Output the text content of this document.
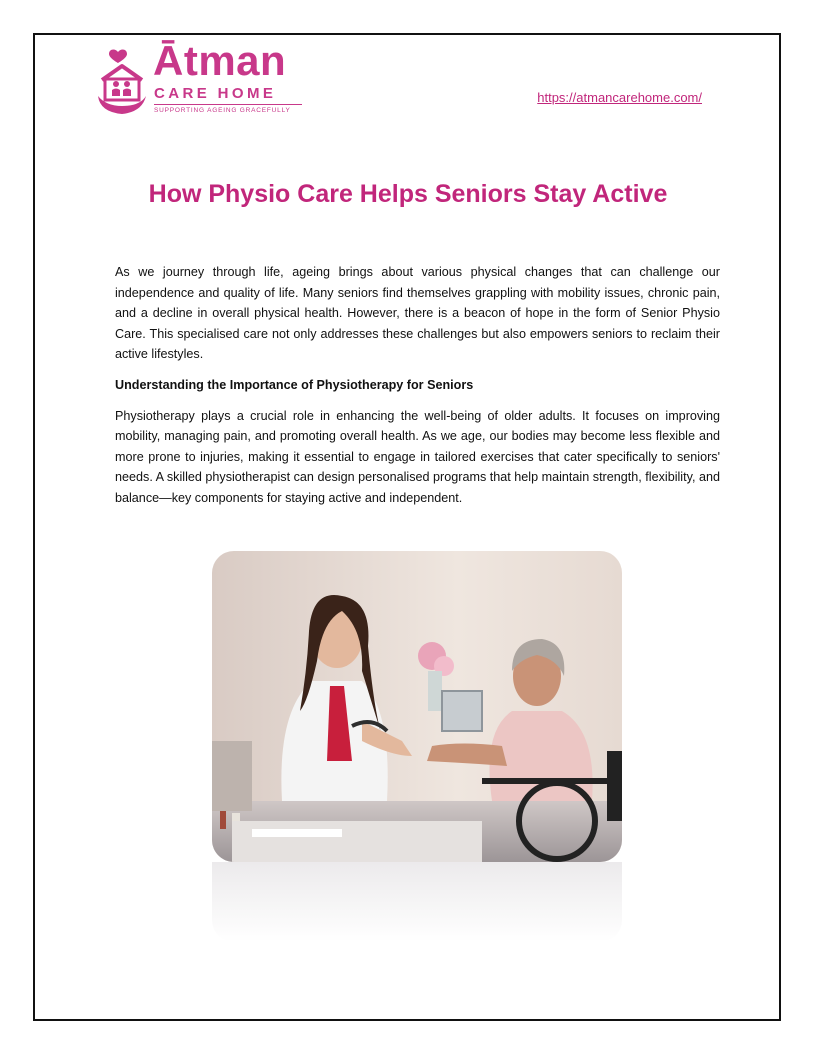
Ātman
CARE HOME
SUPPORTING AGEING GRACEFULLY
https://atmancarehome.com/
How Physio Care Helps Seniors Stay Active

As we journey through life, ageing brings about various physical changes that can challenge our independence and quality of life. Many seniors find themselves grappling with mobility issues, chronic pain, and a decline in overall physical health. However, there is a beacon of hope in the form of Senior Physio Care. This specialised care not only addresses these challenges but also empowers seniors to reclaim their active lifestyles.

Understanding the Importance of Physiotherapy for Seniors

Physiotherapy plays a crucial role in enhancing the well-being of older adults. It focuses on improving mobility, managing pain, and promoting overall health. As we age, our bodies may become less flexible and more prone to injuries, making it essential to engage in tailored exercises that cater specifically to seniors' needs. A skilled physiotherapist can design personalised programs that help maintain strength, flexibility, and balance—key components for staying active and independent.
